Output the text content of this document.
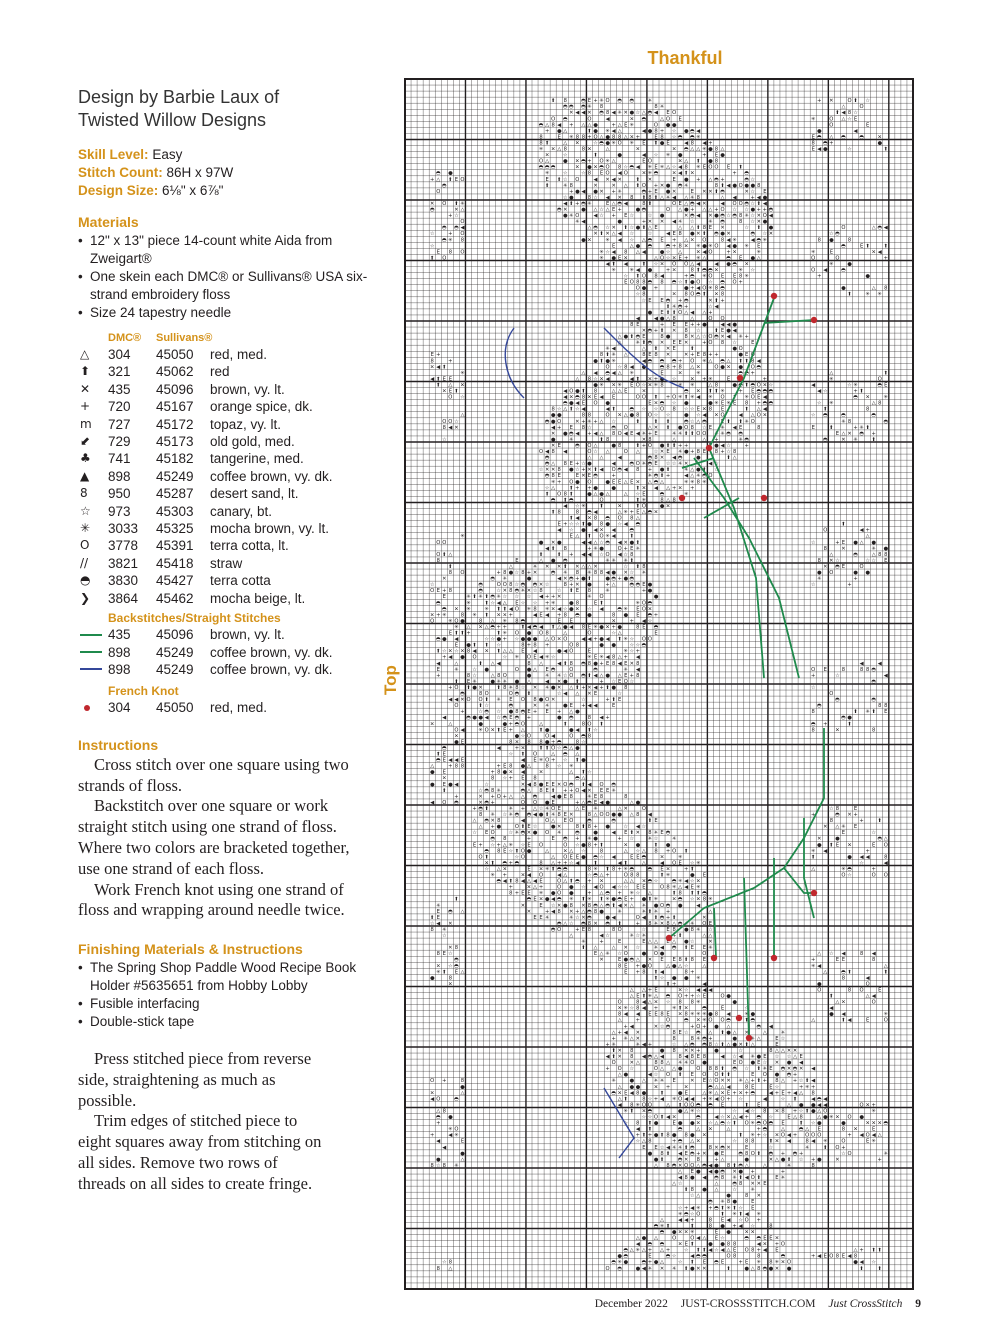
Thankful
Design by Barbie Laux of
Twisted Willow Designs
Skill Level: Easy
Stitch Count: 86H x 97W
Design Size: 6⅛" x 6⅞"
Materials
• 12" x 13" piece 14-count white Aida from Zweigart®
• One skein each DMC® or Sullivans® USA six-strand embroidery floss
• Size 24 tapestry needle
DMC®	Sullivans®
△	304	45050	red, med.
⬆	321	45062	red
✕	435	45096	brown, vy. lt.
+	720	45167	orange spice, dk.
m	727	45172	topaz, vy. lt.
⬋	729	45173	old gold, med.
♣	741	45182	tangerine, med.
▲	898	45249	coffee brown, vy. dk.
8	950	45287	desert sand, lt.
☆	973	45303	canary, bt.
✳	3033	45325	mocha brown, vy. lt.
O	3778	45391	terra cotta, lt.
//	3821	45418	straw
◓	3830	45427	terra cotta
❯	3864	45462	mocha beige, lt.
Backstitches/Straight Stitches
435	45096	brown, vy. lt.
898	45249	coffee brown, vy. dk.
898	45249	coffee brown, vy. dk.
French Knot
304	45050	red, med.
Instructions

Cross stitch over one square using two strands of floss.

Backstitch over one square or work straight stitch using one strand of floss. Where two colors are bracketed together, use one strand of each floss.

Work French knot using one strand of floss and wrapping around needle twice.

Finishing Materials & Instructions
• The Spring Shop Paddle Wood Recipe Book Holder #5635651 from Hobby Lobby
• Fusible interfacing
• Double-stick tape

Press stitched piece from reverse side, straightening as much as possible.

Trim edges of stitched piece to eight squares away from stitching on all sides. Remove two rows of threads on all sides to create fringe.

Top
⬆ 8	◓ E + ✳ O ◓ ◓	✳	+ ✕	O ⬆ ☆
◓ ◓ ◓ ✳ 8	8 ✳	△	O
✕ ◀ ◀ ✕ ◓ 8 ◀ ✳ ✕ ● ☆ △ ◓ ◀ E O	⬆ ◀ 8 ☆
O ◓	O	◀	✕ ◓	△ O E	✳	O △ ☆ E
◓ △ 8 ◀ + △ △ ●	+ △ E ✳	O ● ●	O	E
+ ● △	⬆ ● ✳ ◀ △	◀ ● 8 + ☆ ● ◓ ◀	●	◀
8	E ✳ 8 8 + O △ ● 8 8 △ ✕ +	E 8 ☆ ◓ ◓ ✳	E ◓ △ ◓	◓	✕
8 ⬆	△ ✕	☆ ◓ ● ✳ O ✳ E ⬆ ● E	◀ 8 ◀ +	8 ◓ +	●
✳ ✕ △ 8	8 ✕	△	✕	✕ ◓ △ △ ✳ ● 8 △	E ◀ ●	☆	⬆
✕	☆	⬆	●	◀ ☆ ✳ ●	+ E ●
O △	● ✕ ◓ + O ✳ △	E O	✕ △ ⬆ ● 8
◓ ◓ ◓	✕ ● ✕ ◓ O 8 ☆ ◓ ◀ ✳ E ✳ △ ☆ ◀ 8 ✳ E O O E ⬆
◓ ●	✳	☆	☆ 8 E O ◀ O	✕ ✳ ◓	✕ ◀ ⬆ ✕	+ ◓
+ △ ⬆ E O	E ⬆ ☆ O	◀ ✕ ◀ ✕	⬆ ✕	E ● + △ ◓ +	◓ ☆
◓	⬆	✳ 8	✕	✕ △ ⬆ O + ✕ ● ◓ ✳	8 ⬆ ◀ ● O ● ● 8
O	+ ● ◀ ● ✕ + ✳	◓ + E ● ✕	E ✕ ✕ ⬆ ◓	✕ ☆ E
☆ ●	8 ☆ ◀ ✕ 8 ⬆ 8 ⬆ △ ✳ ◀ △ ✳ 8	△ ◀	+ ◀ ●
✕ O ⬆ ✳	◀ ⬆ + ◓ ✳	E △ ◓ ◀	8 ⬆	O E △ ◓ ◀ ✕	◀ O O ◓ ☆ ⬆ ◀
◓	✕ △	◓ ✕	● △ ☆ △ E +	● ◓	O △ ● + △ △ + O ☆ ☆ ● + + ◓
+ ☆	● ✳ O	◀ ☆ + E ☆	☆ ●	✕ ◓ ◀ ✕ ● ◓ ☆ ◓ 8 ✳ ☆ ✕ O ◀
O	✳ ◀	●	+ ✕ ✕ ◀ ✳ ☆	✳ ◓	8 ☆ ✕ ●
◓ ◓ ◀	△ ◓ ☆ ✕ ⬆ ☆ ● ⬆ △ E	△ △ ⬆ 8 E ✕	☆ ⬆ ●	O	△ ◓ ◀
☆	+ O	✕ ⬆ ✕ △ ◀ ☆	☆	◀ E 8 ● ✕ ⬆ ◓ ● ✕	◓ ☆ ✕	☆ ◓
◓ ✳ 8	● ✕	✳ ◀ ☆ △ ◓ E + △ ✕ O	8 ◀ ✳	◀ ◓ ✳	8 ●	8
☆	E	△ ● ◓	◓ + 8 ✕ ✳ ● ✳ O ◀ ● ✳ E	◓	E ⬆	⬆
E 8 O	✳ ☆ ◀ 8 △ ◀	● ☆ △	✕ ◀ O	+ ✕	✳	✳	E	✕ ◀
⬆ O	✳ ● E ✕	△ O ☆ ✕ E + ✳ △	◓ E ● △	O	O	+
◀ ⬆ ◀	⬆ ☆ ✕ O O △ ◀	◀ ● ◓ ✕	✳	●
✳	✳ ◀ ●	+ ✕	8 ⬆ ◓ ◓ ✕	✳ ☆	O ◀	◓
☆ ⬆ O 8 ◀	+ ◓ ✳ O E E 8 ✳	+	●
E O 8 8 ◓ 8 ◓ ☆ ⬆ ● O ☆ ◓ O +
O ● +	● + ◀ O ✳ 8 ◓	●	△ 8
☆ 8	✕ 8 O ◓ ⬆ ✕ 8	⬆	✳ ✳
☆ E E ◓ + ◓	✕ ⬆ +
⬆ ✳ ◓ +	☆ ◀
● E ⬆ ⬆ O △ ◀ △ +
◀	◀ ● △ 8	△	O O
8 E	+ E E + + ●	◀ ◀ ●
✕ ◓ + ⬆ ✕ 8 ☆	⬆ E ● ◀
△ ● ⬆ ◓ E	8 ●	8 ✕ △ ☆ O ◓ ✕ ◀ ✳ +
△	✳ ⬆ ◓ ✕ E E ✕	+ O 8 ☆	E
✳ ◀	△ ⬆ ✕ E	⬆	● O
E +	8 ⬆ ✳ △	8 E 8 ✕	✕ + E 8 + +	● E O
8	+	● ⬆ ● ✳	◀ ◓ ◓ ◓ + O ✳ △ ◓ △ ⬆ ⬆ 8 ◀
✕ ◀ ⬆	O ☆ 8 ◀ ●	◓ 8 + 8 △ ✕	O ● ✕ ● O ◓
✳	△ ◀ ◓ ◀ △ ✳	E	✕	✳	◓ ◓ +	△	⬆
◀ ⬆ E E	△ 8 ☆ ✕ ◀	◀ ⬆ ✕ + ● ☆	✕ + ✳	E	+	✳	O
⬆ △ ✕	● ✳ ✕ ✳ E O ☆ ✕ ✳ 8	✳ ✳	△ 8	● ◓ ⬆ ◓ O ✕ ☆	◀	☆ ✳	◓ E
✕ E ⬆	◀ O ● ⬆ 8	△ △ E	✕	◓ ✕ ⬆ ⬆ ✳	+ E ◓ ◓ ◓	◀ ☆	+ ⬆
O ☆	◀ ✕ ◓ 8 ✕ E ◀ E	O O ⬆ + O ✳ ⬆ ✳ ◀ ✳ O ⬆ ✳ O E ◀	◓ ✕	✳
◓ ● ◀ E O ●	E ✕ ◓ ☆ ●	● ✳ E ✳ E 8 + ◓ ◓	☆ ✳	△ 8
8 ☆ △ ⬆ ☆ ◀	◀ ⬆	◓ ☆ ☆ O 8 ☆ ☆ E ✕ 8 E	⬆ △ ◀	⬆	8
△	● ●	8 8	O ✕ △ ● 8 O ☆ ☆	● ☆ ◀ ✕ O	◀ △ O ✕	☆ ◓	◓	◓
O O ☆	◓ ● O	✕ + ✳ + △ ☆	⬆	⬆ ⬆	◓ ☆ △ ◓	E ⬆ ⬆ ✳ O	✳ 8	◓
8 ◀ ✕	◀ + E 8 ☆	◓ O	△ ✕ ⬆ ● O 8 ☆ E ✳ ◀ E	8	E	⬆	+ ✳ ⬆
✕ ● ◓ ◀ + ◀ △ 8 O ◀ E ◀ ✳ + E	✳ ✳ ⬆ ⬆ O O ✳ ✳ ◓ ◓	E △ ✕ ◓ +
☆	●	✳	⬆ 8	✕ 8	△	△ +	✳ ◓	◓	✕ ✳	⬆
✕ E	◓ O △	● 8	⬆ + O ● ⬆ ⬆ + +	● ◀ ☆	+
O ◀ 8 ◀	O ☆ △	O △	☆ ✕ E ✳ ● + 8 E 8 + ☆ 8
◓	△ △	◀	◓ 8 ✕ ◀ ◓	●	⬆ △
◓ △ 8 E + ☆ ●	◀	◓ O ✳ ◓ E ☆ ☆ ✳ ✕ ✕ ◀ ☆
☆ ✕ ✕ 8 ● ☆ + ✕ ⬆ ◀ O ◓ ◀ 8 + ● ⬆	✳ △ ● ⬆ ☆
◓ 8 E	E ✕ E ◓	+	✳ ◓ ⬆ +	◀ △ ✳ ◓ O
✳ + O ● O	● E E △ E ✕ △ ◓ △	✳ ✳ 8 ✳
☆ △	⬆ + + ●	●	⬆ ✕ ◀ △ + ✕ +
⬆ O 8 ⬆	● △ ● △	△ ☆ E	◓	✳
◓ ⬆ ◓	O	⬆ ✳	8 △ 8
◀ ☆ ✳	⬆	✕	⬆ O	● ✕
⬆ 8	8 ◓ ◀	△ ✳ + E △ ◓ ✕
⬆ ◀ ✕ 8 ◓ O 8 △
E + ☆ ☆ ⬆ ● 8 ● ☆ ◀ ◓	⬆
◀ ☆ ● ◀ ✕ ◀	◓	O	◀ +
✳	E △ ⬆ O ✳ ◀	⬆	△
O O	● ✕ ●	◀ ◀ △ ☆ ◓ ◀ ✕ ● ⬆	☆	+ E ● △ ●
◀ ⬆ 8	+ ✳ ●	O + E ✳	8	✕	✳ ●
O ⬆ △	⬆	⬆ + ◀ ◀ ☆ O ◀ ☆ 8	△	◓	△ 8 8
8	E	△ ● ◓	✳ ✳ ✳ ⬆	8 ✕ ☆	☆ ☆ E
⬆	△	✳ ✕ ✕ ⬆ ✕ △ △ ✕	☆ ⬆ 8	✕ ◓ E	O
8 O	+ 8 ● ☆ 8 + ✕	◓ ✳ 8 ✳ 8 8 ◀ ● ✕ ☆ ✳	● O	● ●
✕	◓ ✳	●	◀ ✕ ◓ + ● ⬆	● ◓ + ● ◓	✳	+
☆	◓	O O 8 ☆ ◓ ◓ ✕ ☆	8 + ✕ ●	+ △	◓ ◓ E ●	☆	+
O E + 8	◓	☆ ✕ 8 ◓ ✳ ✕ ☆ 8	☆ ⬆ E 8	✳	+ ●
E	✳ ⬆ ✳ ⬆ ◓ ✳ ☆ ☆ ☆ ◀ + + ✕	✳ O	●
◓	✳	⬆ ☆ ◀ △ E ☆ ☆ + ✳	● 8	E ⬆	✳ O ◓
◓ ✕ ✳	✳ ⬆ ⬆ ◀ O ✳ 8 ✳ ✕ ◀ ☆ ● ✕ ☆ ◀	◓ ✳ E O ✕
✕ + ✳	8 ✳ ⬆ ✕ ✕ +	◀ E ◀ + 8 ◓ ●	8 ● E ◓ +
O	✳ O ●	8 △ ✳ 8 ◓	E E	✕	+ ◀ ☆
✳ △ ✕ △ ◓ + +	⬆ ◀ ◓ ◀ ⬆ △ ● ◀ 8 E ✳ ● ✕ + ●	8 E ◓
E ⬆ ⬆ +	⬆ ✳ O ● O 8	△	O	☆ △	E
◓ ● ◀	☆ ☆ ● + ☆ ● ● ● △ O ✕ O	◀ ◀ + ● ◀ ⬆ ✳ ☆ O O
E ● ⬆ ⬆ ☆	8 + 8 +	O 8	● ●	☆ ☆ ◓
⬆ ☆ ✕ ☆ ✕ 8 ◀ ✕ ⬆ △ △ E ◀	● ◀ O	E	✳ ☆ +
+ ◀ ● O	☆ ✳ O E ◀ ✳ ☆	✳ E ✳ ◀ 8 △ + ◀
◀	△	⬆ △ ◀	8 △	◀ ⬆ 8 ◓ 8 ● + E 8 ◀ E ✕ 8	◀	◀
E	✳	☆ ●	O ● △ E ◓	O	◓	✳ ◀	O E	8	8 8 ◓
+	8 ☆	△ 8 O	●	✳ ✳ ☆ O ◓ ⬆ ◀ △ ● △ E + 8	+	☆	◀
⬆ E ✳	● ✳ ✳ ● △	◀ ✕ ● ⬆	+ ☆ E O ☆	◓
+ O ⬆ ● ✕	⬆ 8 ✳ 8 ☆ ✕ ✳ ● ✕ △ ⬆ + ✕ ◀ + ⬆ ● 8	☆
◓	8 O	O ◓ ⬆	☆ ◀ △ ✕ E	☆	O
◀ ◀ ✕ O O ⬆ ✳ E O 8 ● O ✕	☆	+ ⬆ E	◓	◓
O	⬆ ☆	◓	✕ ✳	● E + ◀ ◀	E	◓	8 8
+	☆ ◓ ☆ ● 8 ◓ E + E + △ ●	8	⬆ ✳ ⬆ E
◀	◓ ● ● ◀ ☆ ◓ E ◓ +	● ◓	8 ◀ +	◓ ●
✕	△	●	● + ◓ O	△	⬆	8 O ⬆	◓ +	⬆
O ◀	✳ O ✕ ⬆ E + △	⬆ ●	● ◀ ⬆ ☆	8	✕	8
✕	● ☆ O	O ◀	O ◓ 8
● E	8 ✕ 8 8 ● + ◓	8 ☆
◓	◀	+ ✕	⬆ ⬆ O ☆ ◓ △ ●
⬆ E	☆ ⬆ O	△ ◓ △
◓ E ◀ ◀ E	◀ E ✳ O + ☆ ⬆ ●
△	+ 8 8	+ E 8 ● △	8 ☆ ✳
● E	+ 8 ● ✕ ◀	✕	△ ⬆ ☆
✕	8 ☆ + E 8	◓ △
● E ● ◀	☆	✕ ◀ 8 ● E E ✕ O ◓ ⬆ ◀ O ◓
⬆	☆ ◓ 8 ✳	◓ △ 8 E ⬆ + + O ◀ ✕ E E ✳
+	✕ + O + △ △ ◓	◀ ● E 8	✳ E 8	8
◀ O ◓	✕ ◓ +	O O ● E	+ △ ◓ E ◀ ●	△ ●
+ ◓ ⬆	✳ + △ ☆ ✳ O E	△ E ✳	△ ✕	O	☆ 8	E
8 ✳ ☆ ✳ ◓ ◓ ◀ ● ⬆ ✳ 8 E ✕	8 △ O O ● ● △ 8 ◀	+	◓ ✕ +
△ ◓ ✕ 8	◀	O △ E O	◓	◓	⬆ E	8	+	⬆
△ + ●	O ⬆ E ☆	● ✕	8 ⬆ 8 + ●	☆ ◀ ☆	✕ △ ✳ E
☆ E O	☆ ✳ ◓ ✕ ● O ✳	◓	●	◀ E ⬆ ✕ 8 ✳ E ◓	E	☆
◓ 8	+	E ◓ + ✳ ●	+ ☆	✳ ☆	✳	✕	●	◓ △
E + ☆ + △ ✳ ☆ E O	O ☆ ● 8 + ⬆	✕ ●	⬆ ●	● ⬆ E ✕	E O
◓ 8 E ☆ ⬆ O ●	△	✕ △ ☆	8	△ ☆ △ 8 + O ⬆	✳ ◀	+
O ⬆	☆ O	△ O E E ● ◓ ☆ ◀	E E ◓	✕	✳	⬆	● ◀ ◀	8
✕ ⬆ ◓ + ◓	8 △ + + ☆ ◀	⬆	◀ ⬆	△	◀ O E ☆ ✳	☆	◀
☆ △ ✕	E ✕ ✳ ⬆ ◓ ◓	8 ✳ ⬆ 8 + ✳ ◓	◓ E ✕	+ ⬆	△	✳ ◓	+
✳ +	✕ ◀ O	◀ △	☆ ◓ △ +	O 8 8	⬆ ✳	● E	O ☆	O O
◓ ◀ ⬆ 8 ◀ △ ◀ E	O △ ⬆ ◓ + ✕	△ △ ✕ ◓ ☆	◓ ✳ ◀ ☆ ✕
+	✕ △ +	O ● ☆ ◀ O ◀ ☆ ☆ E E	O 8 ✳ △ ◀ E ✳
8 + E E ✳ ● O ●	+ △ ◓ + ✳ ☆ △	⬆ 8 ⬆ ⬆ ◓
⬆	◓ E ✕ ● ◀ ◓ ✳ ⬆ ✳ ⬆ ✳ ● ◓ E + ● ⬆ ✳	✕ ◓ ☆ ✕ 8 ✳
✳	✕	E ☆ ✕ ● 8 ✕ 8 ◓ △ ◓ ⬆ ◀ ✕ △ ✳ ● O ◓ ●	◀
E ◓ △	✕	+ ◀ 8 ✕ + △ ◓ 8 ●	✳	✳ ⬆ ✳ +	△
⬆ E	E E ✳	✳ ☆ ✕ ◓	● ◀	O ◀ ⬆ ◓ + ⬆	✕
☆ ◀ ✕	◓ △ ☆ ◓ 8 ✕ ◓ ⬆	+ 8 ✳ ✕ 8 △ ◓ ✳ ✳ O E
8 ✳	◓ O	+ E 8	8 O	☆	E 8 ● 8 ✳ ☆
☆	△	◀ ☆	✳ ☆ ✳	+ ⬆	△ △
✳	+	E	E △ △ E △ ● ☆	✕
✕ 8	⬆ △	△ ✕ ☆	✳ ◀ ◓ ⬆ E E ✳
8 E ☆	E △ ✳ ☆ O	● O ●	O	△ ☆ ◀	8 ◀
◓	✕	E ● ◓ △ ✕ E E 8 ⬆ 8 E	+	E E	8
✕ ☆ ◓	8 E + ● O	△ ● △ ☆	△	✳ ◀	△
✳ ⬆ E △	E + 8 ⬆ ◀	8 +	△	◓ ⬆	⬆
●	8	⬆ ☆ ● ● ✳	8	◀
✕	⬆ +	◀	●	O
△ △ + E	✕ ☆ ◀ ◀ ◀	O	8 O	E
△ E ⬆ ✳ △ ◓ O + + ☆ E	O ●	⬆	△ ◀
O	8 ◀ △ ✕ ☆ 8 8 ✳	●	△ ✕	O
✕ ✳ ☆ 8 ◀ +	✳ ⬆ ✕	◓	E	☆	◀
8 ◀ ◀ E E 8 E ✕ 8 ✳ ✳ ✳ ● 8 ◀	✳ ●	● ◀	✳
△	+	O	◓ ✕ ✳ O O ◓	⬆ ◓	△	⬆ ◀	E	O
+ ◀	✕ ☆ ◓	+ O + ● △	◓ ◀
△ + ◀ ✕	8 E ☆ ◓ △ ⬆ ● △ ✕	△	✳
+ ✳ △ ✕	8	8 ✳ ◓ +	●	✳ △	E ☆
+ ✳	✳ ◀ +	☆ △ ◓ ◓ 8 ☆ ⬆ △ ● ✕ ⬆ △	E
⬆ ✕ 8	● 8 ✕ ✕ +	●	☆	8 △ △ ✕ ✕
◀ ⬆ ✕ 8 ◀ ◓ △ ◀	8 ◀ 8 E 8	◀ ☆ ◀ ✳ ● E ☆ ☆ △ E
O	✕ △	8 8 △ ✳ ✳ O ●	E O ● E ☆ ✕ ● ◀
+ O ☆	O △ △ ●	O 8 8 ⬆ ◓ ☆ ⬆ ✳ E ◓ ✕ ◓ ✕ ◀
△ ●	◀ ☆ O ⬆ E O O ⬆ ⬆	E O ● ◓ +
O +	8	✳	● △ ✳ ✳ E	✕ E ☆ O ✕ ✕ ✳ △ + ⬆ + 8 △ + ☆ ⬆ ◀
●	△ ● ●	✕ +	✕	◓ △ △ ◀	8 E	E ☆	+ ✳ +
✕	△	◓ ✕ E ◀ 8 ●	⬆	● E	△ ✳ △ ✕ E + ✕ + ◓	◀ + E + ◀ △ 8
◀ O	◓	△ ⬆	8 ☆ + ◀ ✳ O ◀ ◀ + ✳ ◀ O + ☆	◀	☆ ⬆	◀ ◓ ◀
◀ 8 ✳ O O	△ ⬆ O O ◓ ◓ E	⬆ E	△ ● ● ◀ ◀	O ✕ +
△ 8	✳ ⬆ ✕ ◓	● △ ✳ ☆	☆ ◀ ☆ 8 ✕ 8 + ☆ ⬆ ● △ O	✳
◓ ●	☆ ☆ O ⬆ ◀ ✕	◓	◀ ☆ ✕ △ ◀ + ◓ ☆	E △ 8	△ ● ✳ ✕ O ●
+	☆ 8 ⬆ ●	E ● ● ✕ ☆ △ ◓ ☆ ⬆ O ✳ ◓ O ◓ E	⬆ ☆ ●	●	✕ ✕ ✕ ◓
✳ O	◀ ⬆	◓	△ ✕	△	+ ◓	△	◓ △ E	8 ✕	E
+	◀ ✳	+ ⬆ + ● ⬆ 8 ● 8 ● ✕	⬆ ✳ + ☆ ✕ O ◀ + O O O	+ ◀ O ◀ △
◀	E	☆ △ 8	+ ◓ △ ✕	☆ 8 8	⬆ ✕ ◀	8 ◀ ✳	O	E ✳
◀	E E ☆ ◀ ✳ ✳ ⬆ ◓	8 ✕ ◓ ✕	E	☆	✳	⬆ O +
●	● 8 ⬆ ◀ E ◓ + ✕ ● E	◓ 8 O ⬆ ◓ + ◓ +	☆ O	✳
●	△	● ⬆	◓ ✕ 8	+ △	●	✕ △ ● ⬆ ☆ + ●	✕	+
8 ☆ 8 ✳	△ 8 ◓ ✕ O O △ ◓ ◀ ● 8 ⬆ ◓ △	△	✳	8
△ E ● ◀ ● ◓ ✕ ● +	+
◀ 8 ● ◀ ◓ 8 ✳ ⬆ ◀ O ⬆	E ✳
△ ☆	△	◓ 8 ✕ ✕ E
⬆ 8 ● △	☆	✳
☆ △	●	8 ✕
◓ ✳ 8 ●	E
☆ + ◀ ✳ + ◓ ⬆ ✳ ⬆ ☆ E
✳ ◓ ☆ O	⬆ ✳ ⬆ ◀ ✳
△	◀ ◀ +	8 E ◀ ☆ O +
◓ ✳ ⬆	⬆	8 ● + ◀ ☆	8
◓ ● ✕ ✕ ✳	E ●	✕ ✕
△ ● △	O	O ◀ △ E ☆	◓ ◓ E E ✕
◀ ◓ ◓	✕ E ⬆	● ● 8 8	◀ ✕ + O
◓ △ ✳ △ + △ +	☆ ⬆ ⬆ ◀ ☆ ◀ △ E O 8 + ◀ E	△ + ⬆ ⬆
● ◓	E	◓ ☆	◀ ◓ ◓	O 8	8	◓	+ ◀ E O 8 E ◀ 8
☆ 8	◓ ✳ ●	◓ + ● △	☆ ⬆ E ◓ E	+ E ✳ 8 ✳ ✕ O	● ◀ ☆
8 △	O ◓	● ◀ ✳ ✕ ✳ ⬆ ● ✕ ✕	⬆	● △ 8 ◓ ● ✕ ●	⬆	⬆
December 2022 JUST-CROSSSTITCH.COM Just CrossStitch 9
